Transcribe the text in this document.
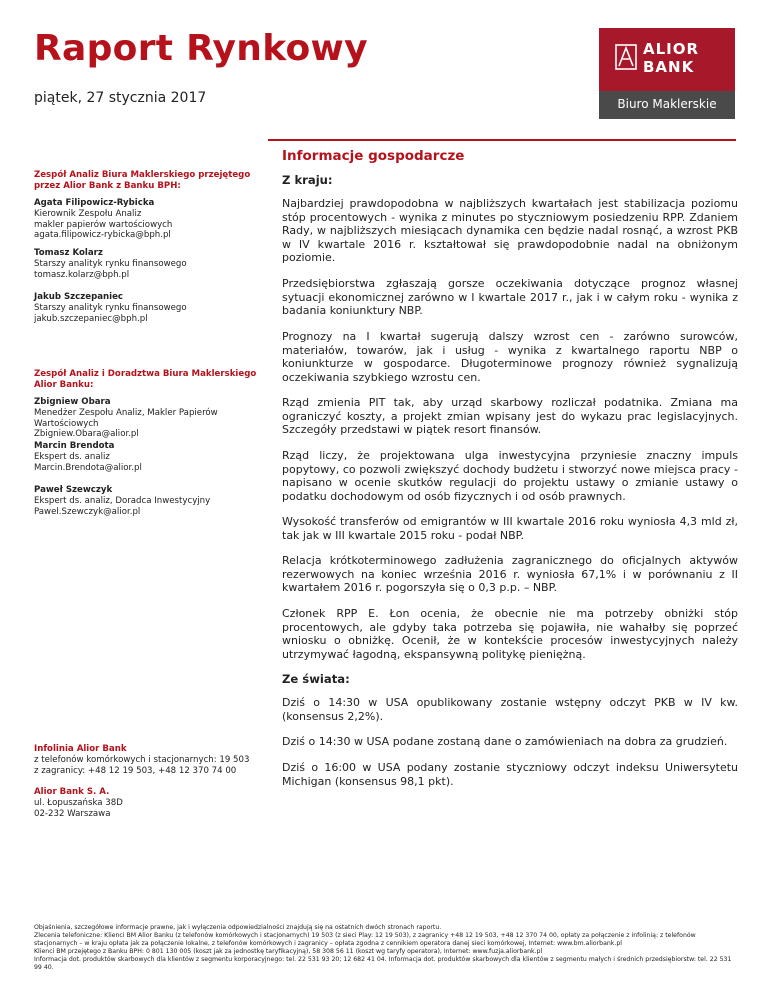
Raport Rynkowy
piątek, 27 stycznia 2017
ALIOR
BANK
Biuro Maklerskie
Informacje gospodarcze
Zespół Analiz Biura Maklerskiego przejętego przez Alior Bank z Banku BPH:
Agata Filipowicz-Rybicka
Kierownik Zespołu Analiz
makler papierów wartościowych
agata.filipowicz-rybicka@bph.pl
Tomasz Kolarz
Starszy analityk rynku finansowego
tomasz.kolarz@bph.pl
Jakub Szczepaniec
Starszy analityk rynku finansowego
jakub.szczepaniec@bph.pl
Zespół Analiz i Doradztwa Biura Maklerskiego Alior Banku:
Zbigniew Obara
Menedżer Zespołu Analiz, Makler Papierów Wartościowych
Zbigniew.Obara@alior.pl
Marcin Brendota
Ekspert ds. analiz
Marcin.Brendota@alior.pl
Paweł Szewczyk
Ekspert ds. analiz, Doradca Inwestycyjny
Pawel.Szewczyk@alior.pl
Infolinia Alior Bank
z telefonów komórkowych i stacjonarnych: 19 503
z zagranicy: +48 12 19 503, +48 12 370 74 00
Alior Bank S. A.
ul. Łopuszańska 38D
02-232 Warszawa
Z kraju:
Najbardziej prawdopodobna w najbliższych kwartałach jest stabilizacja poziomu stóp procentowych - wynika z minutes po styczniowym posiedzeniu RPP. Zdaniem Rady, w najbliższych miesiącach dynamika cen będzie nadal rosnąć, a wzrost PKB w IV kwartale 2016 r. kształtował się prawdopodobnie nadal na obniżonym poziomie.
Przedsiębiorstwa zgłaszają gorsze oczekiwania dotyczące prognoz własnej sytuacji ekonomicznej zarówno w I kwartale 2017 r., jak i w całym roku - wynika z badania koniunktury NBP.
Prognozy na I kwartał sugerują dalszy wzrost cen - zarówno surowców, materiałów, towarów, jak i usług - wynika z kwartalnego raportu NBP o koniunkturze w gospodarce. Długoterminowe prognozy również sygnalizują oczekiwania szybkiego wzrostu cen.
Rząd zmienia PIT tak, aby urząd skarbowy rozliczał podatnika. Zmiana ma ograniczyć koszty, a projekt zmian wpisany jest do wykazu prac legislacyjnych. Szczegóły przedstawi w piątek resort finansów.
Rząd liczy, że projektowana ulga inwestycyjna przyniesie znaczny impuls popytowy, co pozwoli zwiększyć dochody budżetu i stworzyć nowe miejsca pracy - napisano w ocenie skutków regulacji do projektu ustawy o zmianie ustawy o podatku dochodowym od osób fizycznych i od osób prawnych.
Wysokość transferów od emigrantów w III kwartale 2016 roku wyniosła 4,3 mld zł, tak jak w III kwartale 2015 roku - podał NBP.
Relacja krótkoterminowego zadłużenia zagranicznego do oficjalnych aktywów rezerwowych na koniec września 2016 r. wyniosła 67,1% i w porównaniu z II kwartałem 2016 r. pogorszyła się o 0,3 p.p. – NBP.
Członek RPP E. Łon ocenia, że obecnie nie ma potrzeby obniżki stóp procentowych, ale gdyby taka potrzeba się pojawiła, nie wahałby się poprzeć wniosku o obniżkę. Ocenił, że w kontekście procesów inwestycyjnych należy utrzymywać łagodną, ekspansywną politykę pieniężną.
Ze świata:
Dziś o 14:30 w USA opublikowany zostanie wstępny odczyt PKB w IV kw. (konsensus 2,2%).
Dziś o 14:30 w USA podane zostaną dane o zamówieniach na dobra za grudzień.
Dziś o 16:00 w USA podany zostanie styczniowy odczyt indeksu Uniwersytetu Michigan (konsensus 98,1 pkt).
Objaśnienia, szczegółowe informacje prawne, jak i wyłączenia odpowiedzialności znajdują się na ostatnich dwóch stronach raportu.
Zlecenia telefoniczne: Klienci BM Alior Banku (z telefonów komórkowych i stacjonarnych) 19 503 (z sieci Play: 12 19 503), z zagranicy +48 12 19 503, +48 12 370 74 00, opłaty za połączenie z infolinią: z telefonów stacjonarnych – w kraju opłata jak za połączenie lokalne, z telefonów komórkowych i zagranicy – opłata zgodna z cennikiem operatora danej sieci komórkowej, Internet: www.bm.aliorbank.pl
Klienci BM przejętego z Banku BPH: 0 801 130 005 (koszt jak za jednostkę taryfikacyjną), 58 308 56 11 (koszt wg taryfy operatora), Internet: www.fuzja.aliorbank.pl
Informacja dot. produktów skarbowych dla klientów z segmentu korporacyjnego: tel. 22 531 93 20; 12 682 41 04. Informacja dot. produktów skarbowych dla klientów z segmentu małych i średnich przedsiębiorstw: tel. 22 531 99 40.
